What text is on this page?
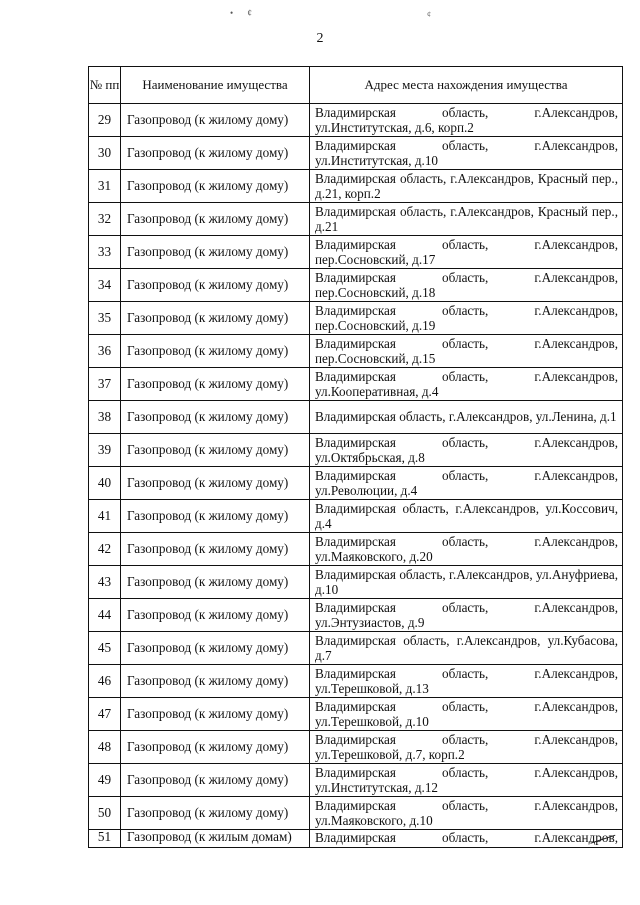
• ¢	¢
2
№ пп	Наименование имущества	Адрес места нахождения имущества
29	Газопровод (к жилому дому)	Владимирская область, г.Александров, ул.Институтская, д.6, корп.2
30	Газопровод (к жилому дому)	Владимирская область, г.Александров, ул.Институтская, д.10
31	Газопровод (к жилому дому)	Владимирская область, г.Александров, Красный пер., д.21, корп.2
32	Газопровод (к жилому дому)	Владимирская область, г.Александров, Красный пер., д.21
33	Газопровод (к жилому дому)	Владимирская область, г.Александров, пер.Сосновский, д.17
34	Газопровод (к жилому дому)	Владимирская область, г.Александров, пер.Сосновский, д.18
35	Газопровод (к жилому дому)	Владимирская область, г.Александров, пер.Сосновский, д.19
36	Газопровод (к жилому дому)	Владимирская область, г.Александров, пер.Сосновский, д.15
37	Газопровод (к жилому дому)	Владимирская область, г.Александров, ул.Кооперативная, д.4
38	Газопровод (к жилому дому)	Владимирская область, г.Александров, ул.Ленина, д.1
39	Газопровод (к жилому дому)	Владимирская область, г.Александров, ул.Октябрьская, д.8
40	Газопровод (к жилому дому)	Владимирская область, г.Александров, ул.Революции, д.4
41	Газопровод (к жилому дому)	Владимирская область, г.Александров, ул.Коссович, д.4
42	Газопровод (к жилому дому)	Владимирская область, г.Александров, ул.Маяковского, д.20
43	Газопровод (к жилому дому)	Владимирская область, г.Александров, ул.Ануфриева, д.10
44	Газопровод (к жилому дому)	Владимирская область, г.Александров, ул.Энтузиастов, д.9
45	Газопровод (к жилому дому)	Владимирская область, г.Александров, ул.Кубасова, д.7
46	Газопровод (к жилому дому)	Владимирская область, г.Александров, ул.Терешковой, д.13
47	Газопровод (к жилому дому)	Владимирская область, г.Александров, ул.Терешковой, д.10
48	Газопровод (к жилому дому)	Владимирская область, г.Александров, ул.Терешковой, д.7, корп.2
49	Газопровод (к жилому дому)	Владимирская область, г.Александров, ул.Институтская, д.12
50	Газопровод (к жилому дому)	Владимирская область, г.Александров, ул.Маяковского, д.10
51	Газопровод (к жилым домам)	Владимирская область, г.Александров,
